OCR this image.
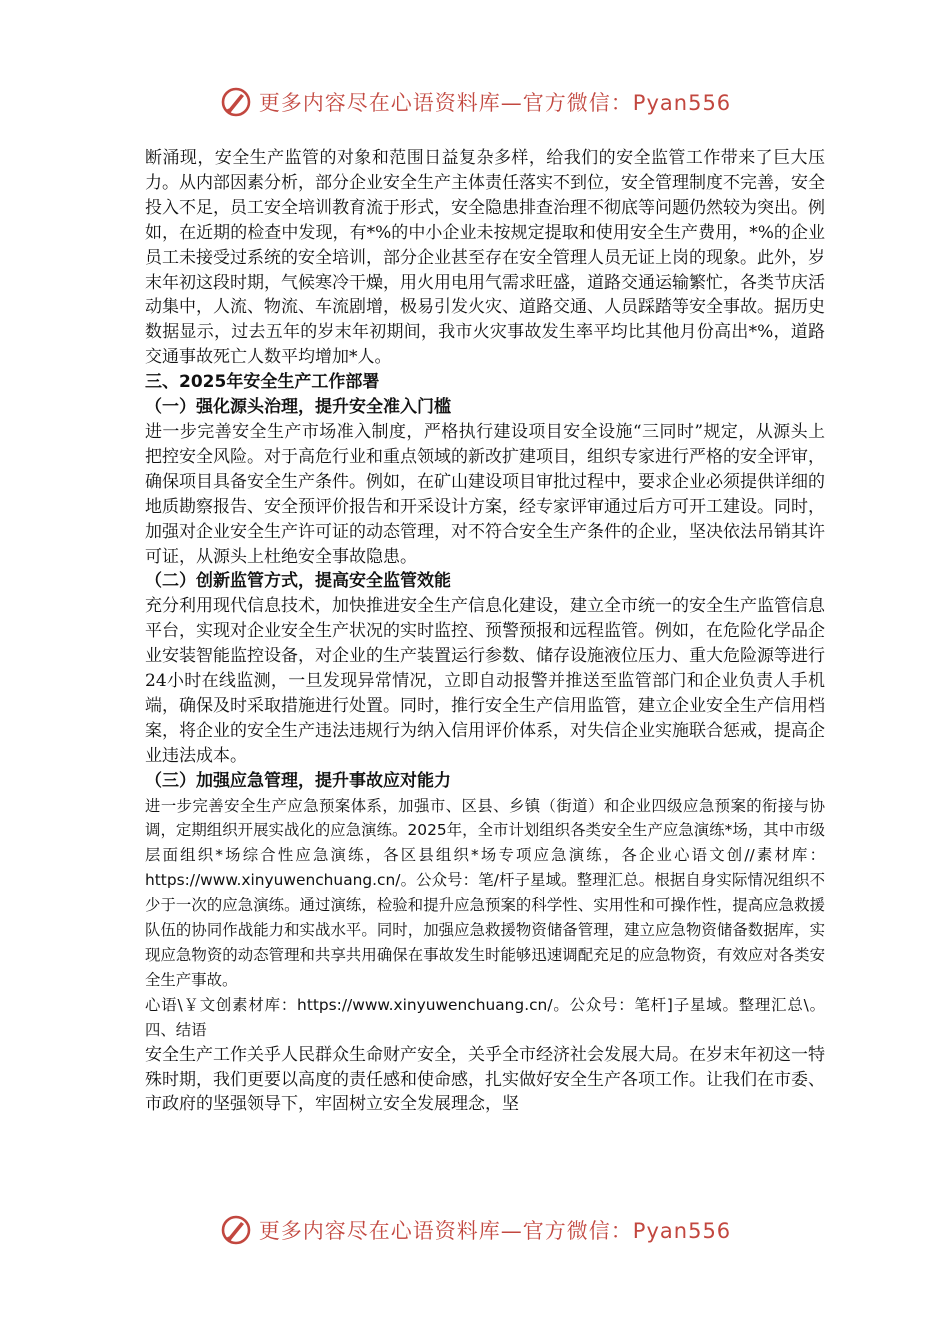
更多内容尽在心语资料库—官方微信：Pyan556

断涌现，安全生产监管的对象和范围日益复杂多样，给我们的安全监管工作带来了巨大压力。从内部因素分析，部分企业安全生产主体责任落实不到位，安全管理制度不完善，安全投入不足，员工安全培训教育流于形式，安全隐患排查治理不彻底等问题仍然较为突出。例如，在近期的检查中发现，有*%的中小企业未按规定提取和使用安全生产费用，*%的企业员工未接受过系统的安全培训，部分企业甚至存在安全管理人员无证上岗的现象。此外，岁末年初这段时期，气候寒冷干燥，用火用电用气需求旺盛，道路交通运输繁忙，各类节庆活动集中，人流、物流、车流剧增，极易引发火灾、道路交通、人员踩踏等安全事故。据历史数据显示，过去五年的岁末年初期间，我市火灾事故发生率平均比其他月份高出*%，道路交通事故死亡人数平均增加*人。

三、2025年安全生产工作部署

（一）强化源头治理，提升安全准入门槛

进一步完善安全生产市场准入制度，严格执行建设项目安全设施“三同时”规定，从源头上把控安全风险。对于高危行业和重点领域的新改扩建项目，组织专家进行严格的安全评审，确保项目具备安全生产条件。例如，在矿山建设项目审批过程中，要求企业必须提供详细的地质勘察报告、安全预评价报告和开采设计方案，经专家评审通过后方可开工建设。同时，加强对企业安全生产许可证的动态管理，对不符合安全生产条件的企业，坚决依法吊销其许可证，从源头上杜绝安全事故隐患。

（二）创新监管方式，提高安全监管效能

充分利用现代信息技术，加快推进安全生产信息化建设，建立全市统一的安全生产监管信息平台，实现对企业安全生产状况的实时监控、预警预报和远程监管。例如，在危险化学品企业安装智能监控设备，对企业的生产装置运行参数、储存设施液位压力、重大危险源等进行24小时在线监测，一旦发现异常情况，立即自动报警并推送至监管部门和企业负责人手机端，确保及时采取措施进行处置。同时，推行安全生产信用监管，建立企业安全生产信用档案，将企业的安全生产违法违规行为纳入信用评价体系，对失信企业实施联合惩戒，提高企业违法成本。

（三）加强应急管理，提升事故应对能力

进一步完善安全生产应急预案体系，加强市、区县、乡镇（街道）和企业四级应急预案的衔接与协调，定期组织开展实战化的应急演练。2025年，全市计划组织各类安全生产应急演练*场，其中市级层面组织*场综合性应急演练，各区县组织*场专项应急演练，各企业心语文创//素材库：https://www.xinyuwenchuang.cn/。公众号：笔/杆子星域。整理汇总。根据自身实际情况组织不少于一次的应急演练。通过演练，检验和提升应急预案的科学性、实用性和可操作性，提高应急救援队伍的协同作战能力和实战水平。同时，加强应急救援物资储备管理，建立应急物资储备数据库，实现应急物资的动态管理和共享共用确保在事故发生时能够迅速调配充足的应急物资，有效应对各类安全生产事故。

心语\￥文创素材库：https://www.xinyuwenchuang.cn/。公众号：笔杆]子星域。整理汇总\。四、结语

安全生产工作关乎人民群众生命财产安全，关乎全市经济社会发展大局。在岁末年初这一特殊时期，我们更要以高度的责任感和使命感，扎实做好安全生产各项工作。让我们在市委、市政府的坚强领导下，牢固树立安全发展理念，坚

更多内容尽在心语资料库—官方微信：Pyan556
